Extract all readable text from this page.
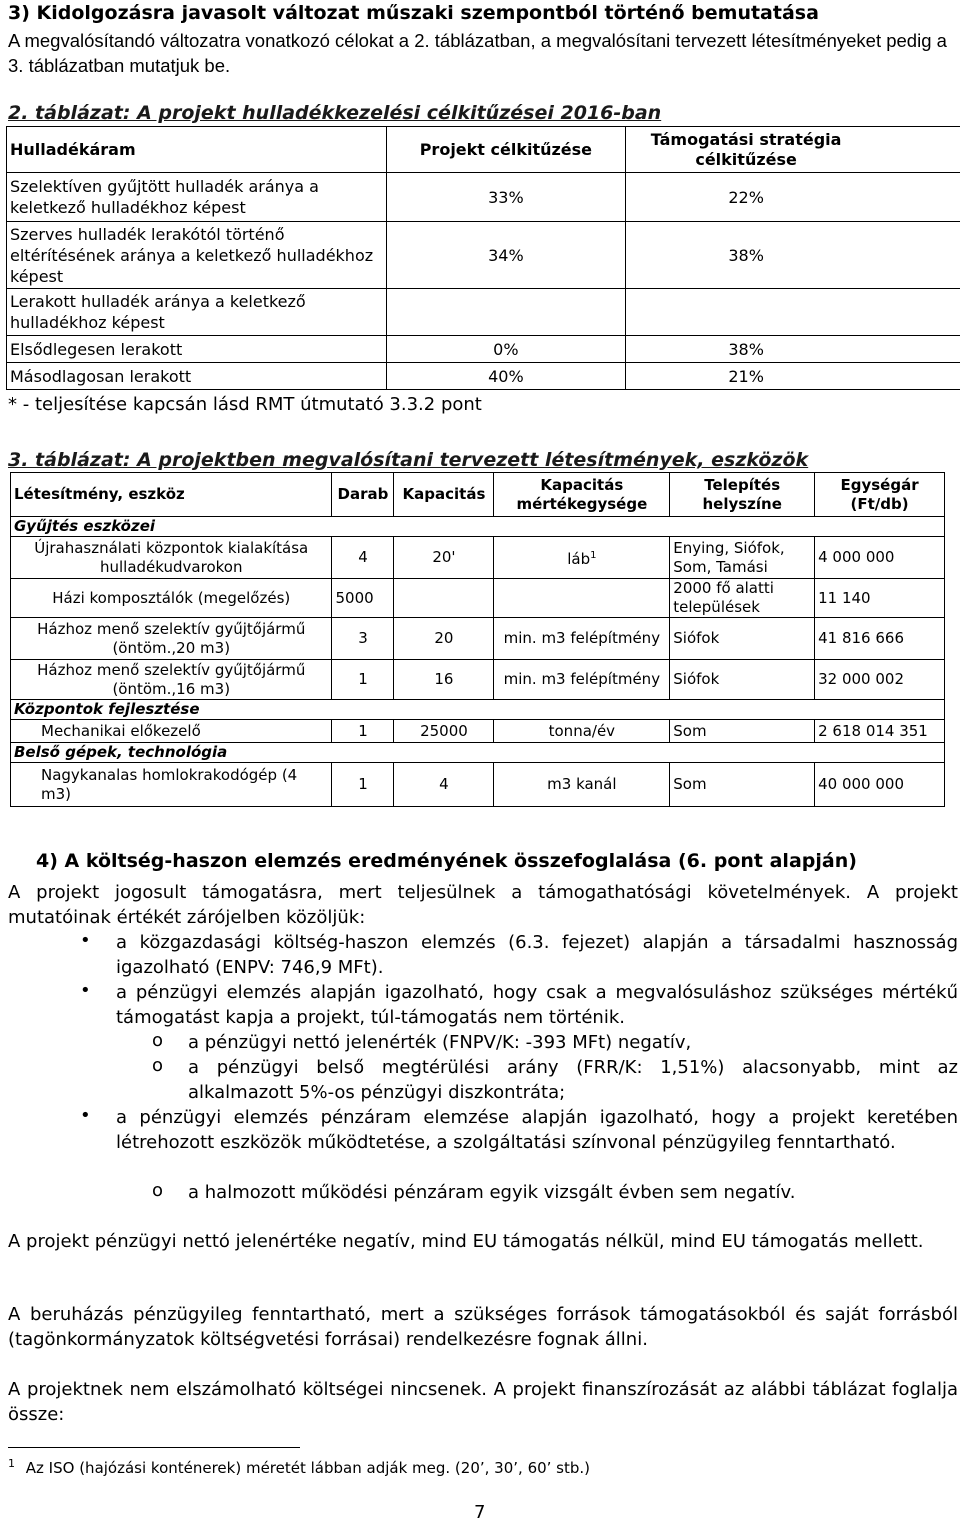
3) Kidolgozásra javasolt változat műszaki szempontból történő bemutatása
A megvalósítandó változatra vonatkozó célokat a 2. táblázatban, a megvalósítani tervezett létesítményeket pedig a 3. táblázatban mutatjuk be.
2. táblázat: A projekt hulladékkezelési célkitűzései 2016-ban
Hulladékáram	Projekt célkitűzése	Támogatási stratégia célkitűzése
Szelektíven gyűjtött hulladék aránya a keletkező hulladékhoz képest	33%	22%
Szerves hulladék lerakótól történő eltérítésének aránya a keletkező hulladékhoz képest	34%	38%
Lerakott hulladék aránya a keletkező hulladékhoz képest		
Elsődlegesen lerakott	0%	38%
Másodlagosan lerakott	40%	21%
* - teljesítése kapcsán lásd RMT útmutató 3.3.2 pont
3. táblázat: A projektben megvalósítani tervezett létesítmények, eszközök
Létesítmény, eszköz	Darab	Kapacitás	Kapacitás mértékegysége	Telepítés helyszíne	Egységár (Ft/db)
Gyűjtés eszközei					
Újrahasználati központok kialakítása hulladékudvarokon	4	20'	láb$^1$	Enying, Siófok, Som, Tamási	4 000 000
Házi komposztálók (megelőzés)	5000			2000 fő alatti települések	11 140
Házhoz menő szelektív gyűjtőjármű (öntöm.,20 m3)	3	20	min. m3 felépítmény	Siófok	41 816 666
Házhoz menő szelektív gyűjtőjármű (öntöm.,16 m3)	1	16	min. m3 felépítmény	Siófok	32 000 002
Központok fejlesztése					
Mechanikai előkezelő	1	25000	tonna/év	Som	2 618 014 351
Belső gépek, technológia					
Nagykanalas homlokrakodógép (4 m3)	1	4	m3 kanál	Som	40 000 000
4) A költség-haszon elemzés eredményének összefoglalása (6. pont alapján)
A projekt jogosult támogatásra, mert teljesülnek a támogathatósági követelmények. A projekt mutatóinak értékét zárójelben közöljük:
• a közgazdasági költség-haszon elemzés (6.3. fejezet) alapján a társadalmi hasznosság igazolható (ENPV: 746,9 MFt).
• a pénzügyi elemzés alapján igazolható, hogy csak a megvalósuláshoz szükséges mértékű támogatást kapja a projekt, túl-támogatás nem történik.
o a pénzügyi nettó jelenérték (FNPV/K: -393 MFt) negatív,
o a pénzügyi belső megtérülési arány (FRR/K: 1,51%) alacsonyabb, mint az alkalmazott 5%-os pénzügyi diszkontráta;
• a pénzügyi elemzés pénzáram elemzése alapján igazolható, hogy a projekt keretében létrehozott eszközök működtetése, a szolgáltatási színvonal pénzügyileg fenntartható.
o a halmozott működési pénzáram egyik vizsgált évben sem negatív.
A projekt pénzügyi nettó jelenértéke negatív, mind EU támogatás nélkül, mind EU támogatás mellett.
A beruházás pénzügyileg fenntartható, mert a szükséges források támogatásokból és saját forrásból (tagönkormányzatok költségvetési forrásai) rendelkezésre fognak állni.
A projektnek nem elszámolható költségei nincsenek. A projekt finanszírozását az alábbi táblázat foglalja össze:
$^1$ Az ISO (hajózási konténerek) méretét lábban adják meg. (20’, 30’, 60’ stb.)
7
